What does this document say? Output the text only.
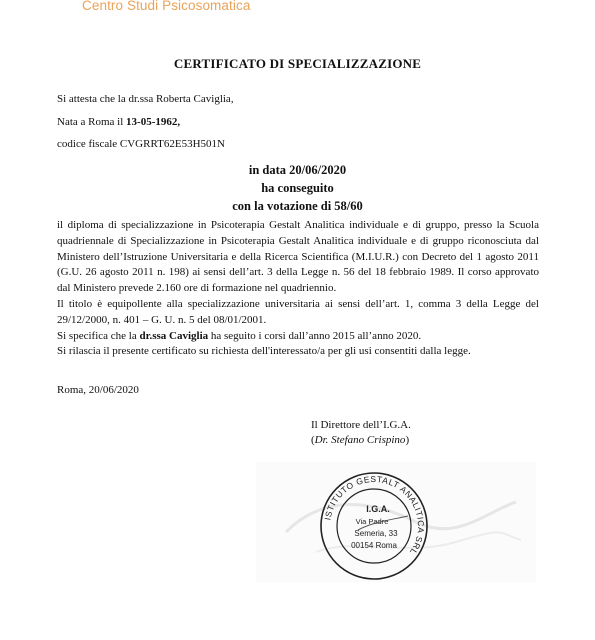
Centro Studi Psicosomatica
CERTIFICATO DI SPECIALIZZAZIONE
Si attesta che la dr.ssa Roberta Caviglia,
Nata a Roma il 13-05-1962,
codice fiscale CVGRRT62E53H501N
in data 20/06/2020
ha conseguito
con la votazione di 58/60

il diploma di specializzazione in Psicoterapia Gestalt Analitica individuale e di gruppo, presso la Scuola quadriennale di Specializzazione in Psicoterapia Gestalt Analitica individuale e di gruppo riconosciuta dal Ministero dell’Istruzione Universitaria e della Ricerca Scientifica (M.I.U.R.) con Decreto del 1 agosto 2011 (G.U. 26 agosto 2011 n. 198) ai sensi dell’art. 3 della Legge n. 56 del 18 febbraio 1989. Il corso approvato dal Ministero prevede 2.160 ore di formazione nel quadriennio.

Il titolo è equipollente alla specializzazione universitaria ai sensi dell’art. 1, comma 3 della Legge del 29/12/2000, n. 401 – G. U. n. 5 del 08/01/2001.

Si specifica che la dr.ssa Caviglia ha seguito i corsi dall’anno 2015 all’anno 2020.

Si rilascia il presente certificato su richiesta dell'interessato/a per gli usi consentiti dalla legge.

Roma, 20/06/2020
Il Direttore dell’I.G.A.
(Dr. Stefano Crispino)
ISTITUTO GESTALT ANALITICA SRL
I.G.A.
Via Padre
Semeria, 33
00154 Roma
